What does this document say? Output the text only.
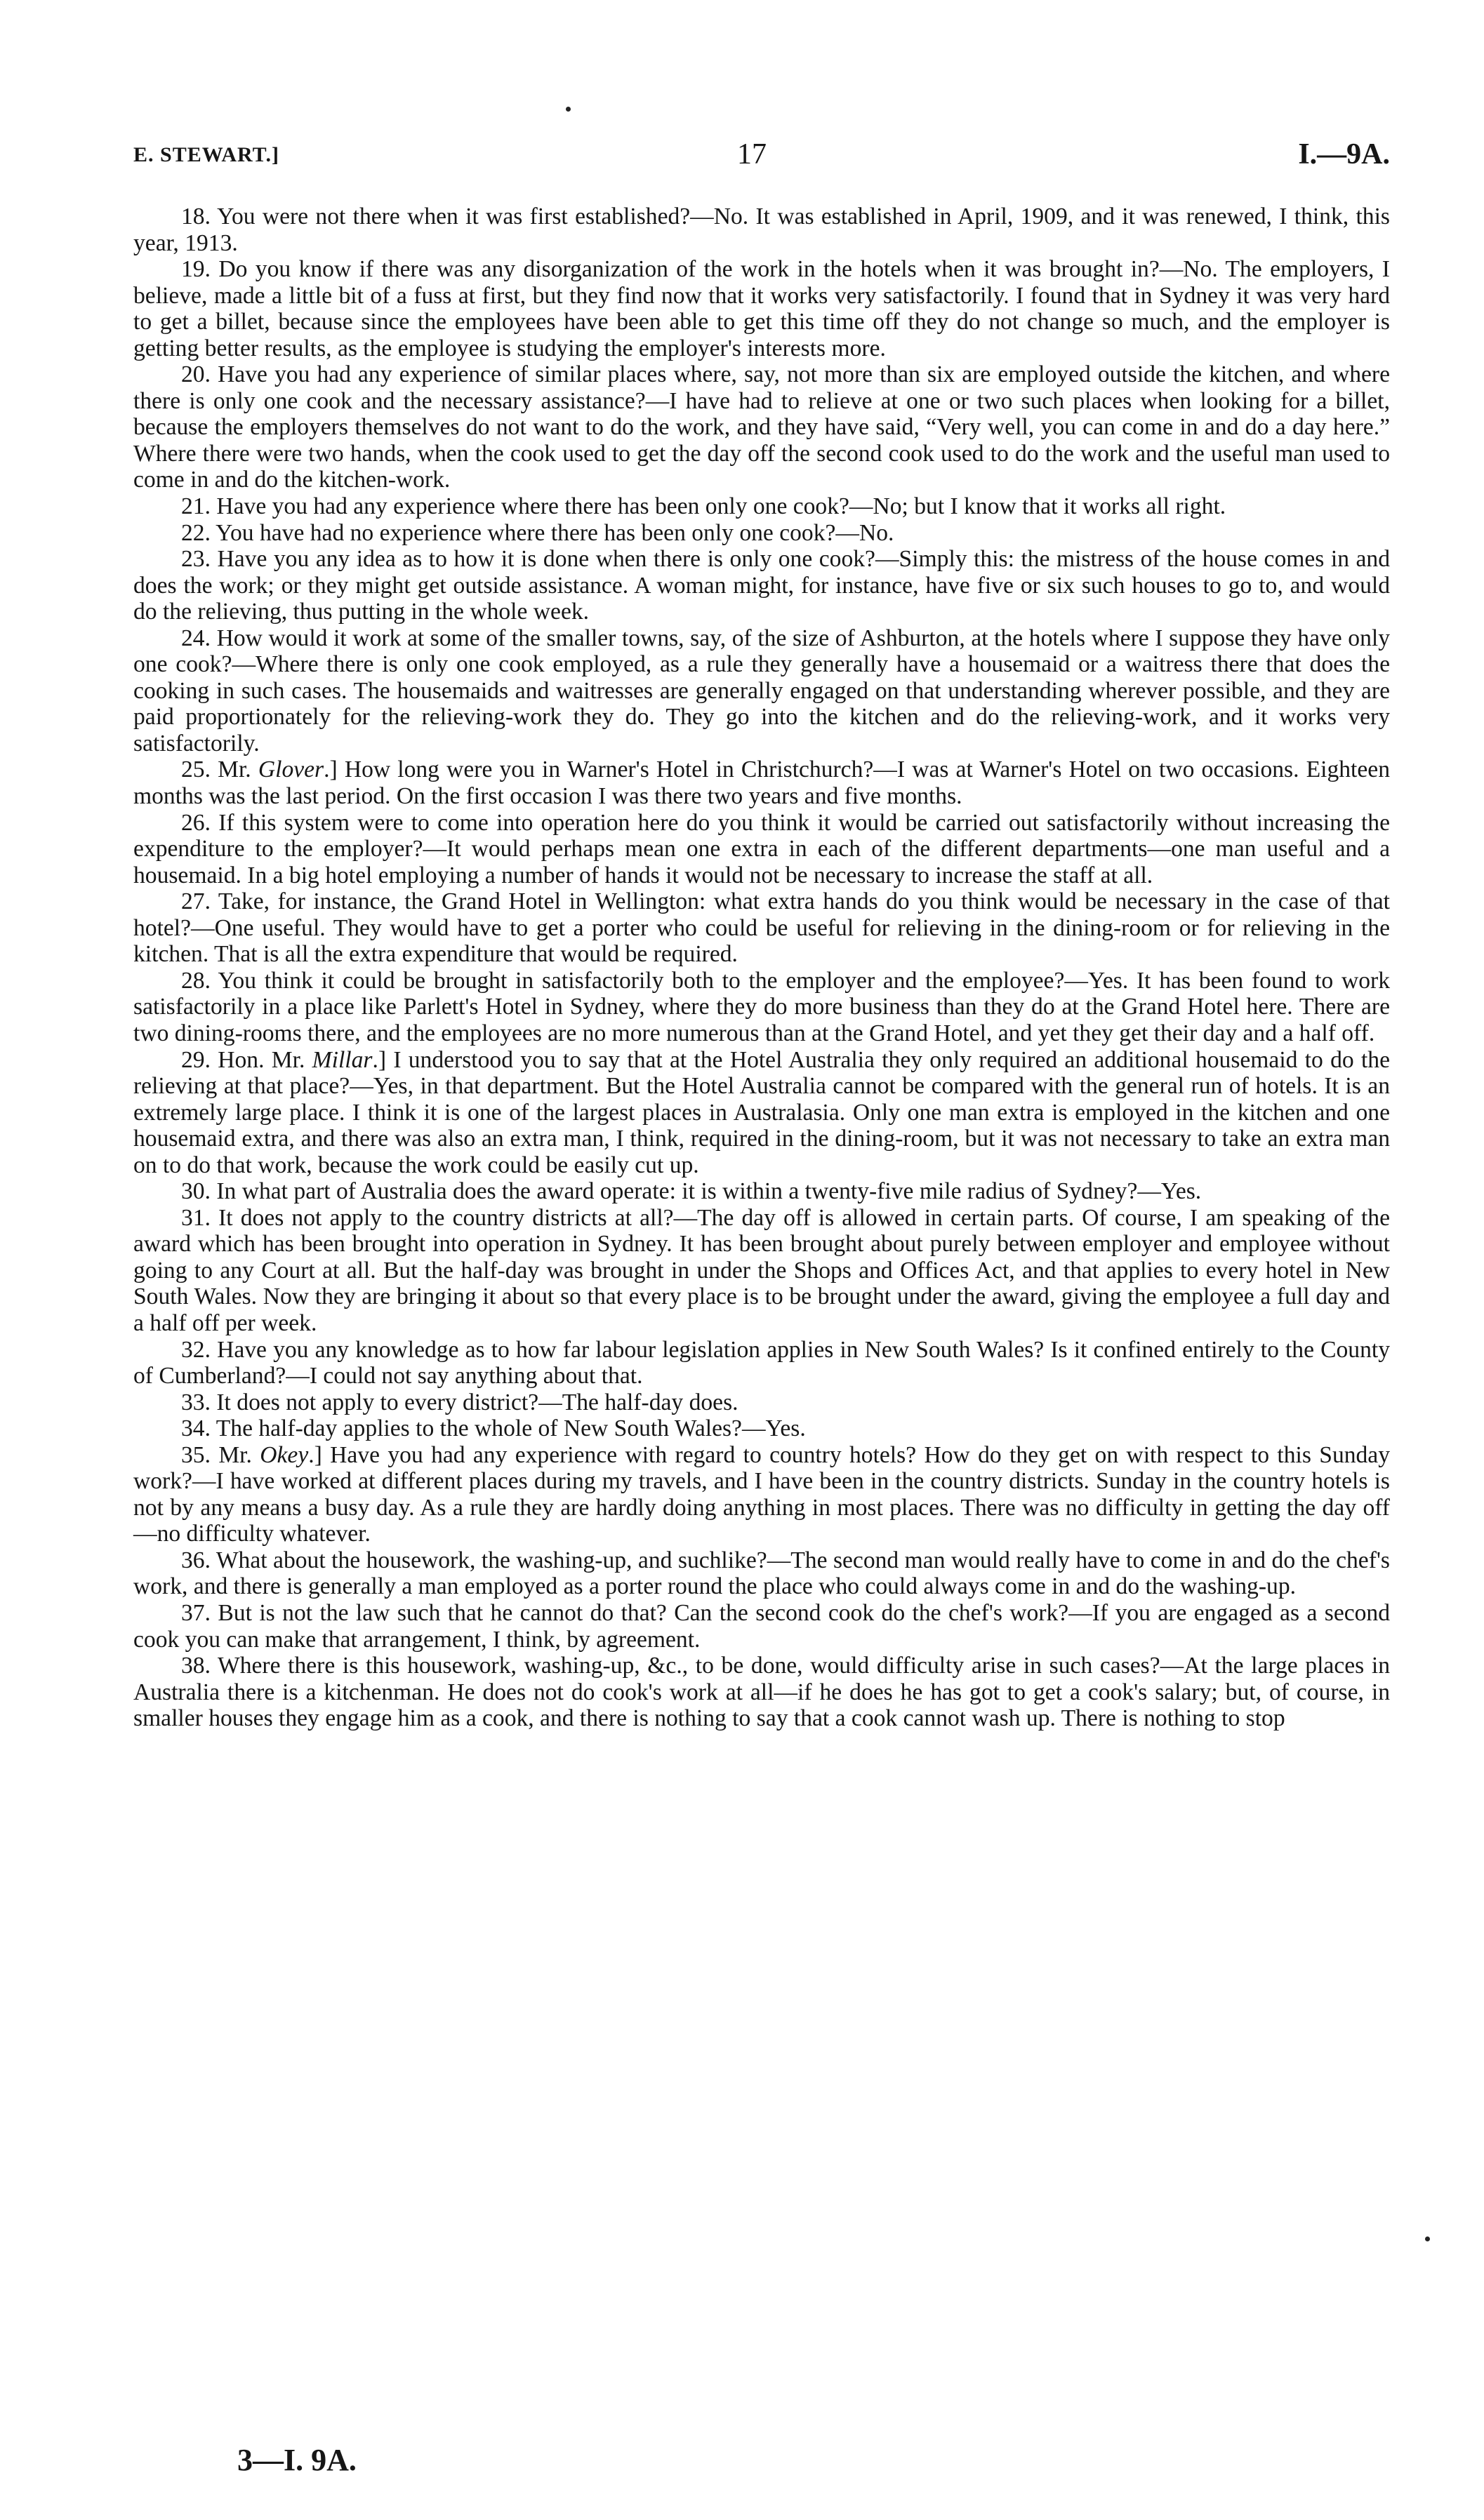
E. STEWART.]	17	I.—9A.

18. You were not there when it was first established?—No. It was established in April, 1909, and it was renewed, I think, this year, 1913.

19. Do you know if there was any disorganization of the work in the hotels when it was brought in?—No. The employers, I believe, made a little bit of a fuss at first, but they find now that it works very satisfactorily. I found that in Sydney it was very hard to get a billet, because since the employees have been able to get this time off they do not change so much, and the employer is getting better results, as the employee is studying the employer's interests more.

20. Have you had any experience of similar places where, say, not more than six are employed outside the kitchen, and where there is only one cook and the necessary assistance?—I have had to relieve at one or two such places when looking for a billet, because the employers themselves do not want to do the work, and they have said, “Very well, you can come in and do a day here.” Where there were two hands, when the cook used to get the day off the second cook used to do the work and the useful man used to come in and do the kitchen-work.

21. Have you had any experience where there has been only one cook?—No; but I know that it works all right.

22. You have had no experience where there has been only one cook?—No.

23. Have you any idea as to how it is done when there is only one cook?—Simply this: the mistress of the house comes in and does the work; or they might get outside assistance. A woman might, for instance, have five or six such houses to go to, and would do the relieving, thus putting in the whole week.

24. How would it work at some of the smaller towns, say, of the size of Ashburton, at the hotels where I suppose they have only one cook?—Where there is only one cook employed, as a rule they generally have a housemaid or a waitress there that does the cooking in such cases. The housemaids and waitresses are generally engaged on that understanding wherever possible, and they are paid proportionately for the relieving-work they do. They go into the kitchen and do the relieving-work, and it works very satisfactorily.

25. Mr. Glover.] How long were you in Warner's Hotel in Christchurch?—I was at Warner's Hotel on two occasions. Eighteen months was the last period. On the first occasion I was there two years and five months.

26. If this system were to come into operation here do you think it would be carried out satisfactorily without increasing the expenditure to the employer?—It would perhaps mean one extra in each of the different departments—one man useful and a housemaid. In a big hotel employing a number of hands it would not be necessary to increase the staff at all.

27. Take, for instance, the Grand Hotel in Wellington: what extra hands do you think would be necessary in the case of that hotel?—One useful. They would have to get a porter who could be useful for relieving in the dining-room or for relieving in the kitchen. That is all the extra expenditure that would be required.

28. You think it could be brought in satisfactorily both to the employer and the employee?—Yes. It has been found to work satisfactorily in a place like Parlett's Hotel in Sydney, where they do more business than they do at the Grand Hotel here. There are two dining-rooms there, and the employees are no more numerous than at the Grand Hotel, and yet they get their day and a half off.

29. Hon. Mr. Millar.] I understood you to say that at the Hotel Australia they only required an additional housemaid to do the relieving at that place?—Yes, in that department. But the Hotel Australia cannot be compared with the general run of hotels. It is an extremely large place. I think it is one of the largest places in Australasia. Only one man extra is employed in the kitchen and one housemaid extra, and there was also an extra man, I think, required in the dining-room, but it was not necessary to take an extra man on to do that work, because the work could be easily cut up.

30. In what part of Australia does the award operate: it is within a twenty-five mile radius of Sydney?—Yes.

31. It does not apply to the country districts at all?—The day off is allowed in certain parts. Of course, I am speaking of the award which has been brought into operation in Sydney. It has been brought about purely between employer and employee without going to any Court at all. But the half-day was brought in under the Shops and Offices Act, and that applies to every hotel in New South Wales. Now they are bringing it about so that every place is to be brought under the award, giving the employee a full day and a half off per week.

32. Have you any knowledge as to how far labour legislation applies in New South Wales? Is it confined entirely to the County of Cumberland?—I could not say anything about that.

33. It does not apply to every district?—The half-day does.

34. The half-day applies to the whole of New South Wales?—Yes.

35. Mr. Okey.] Have you had any experience with regard to country hotels? How do they get on with respect to this Sunday work?—I have worked at different places during my travels, and I have been in the country districts. Sunday in the country hotels is not by any means a busy day. As a rule they are hardly doing anything in most places. There was no difficulty in getting the day off—no difficulty whatever.

36. What about the housework, the washing-up, and suchlike?—The second man would really have to come in and do the chef's work, and there is generally a man employed as a porter round the place who could always come in and do the washing-up.

37. But is not the law such that he cannot do that? Can the second cook do the chef's work?—If you are engaged as a second cook you can make that arrangement, I think, by agreement.

38. Where there is this housework, washing-up, &c., to be done, would difficulty arise in such cases?—At the large places in Australia there is a kitchenman. He does not do cook's work at all—if he does he has got to get a cook's salary; but, of course, in smaller houses they engage him as a cook, and there is nothing to say that a cook cannot wash up. There is nothing to stop

3—I. 9A.
